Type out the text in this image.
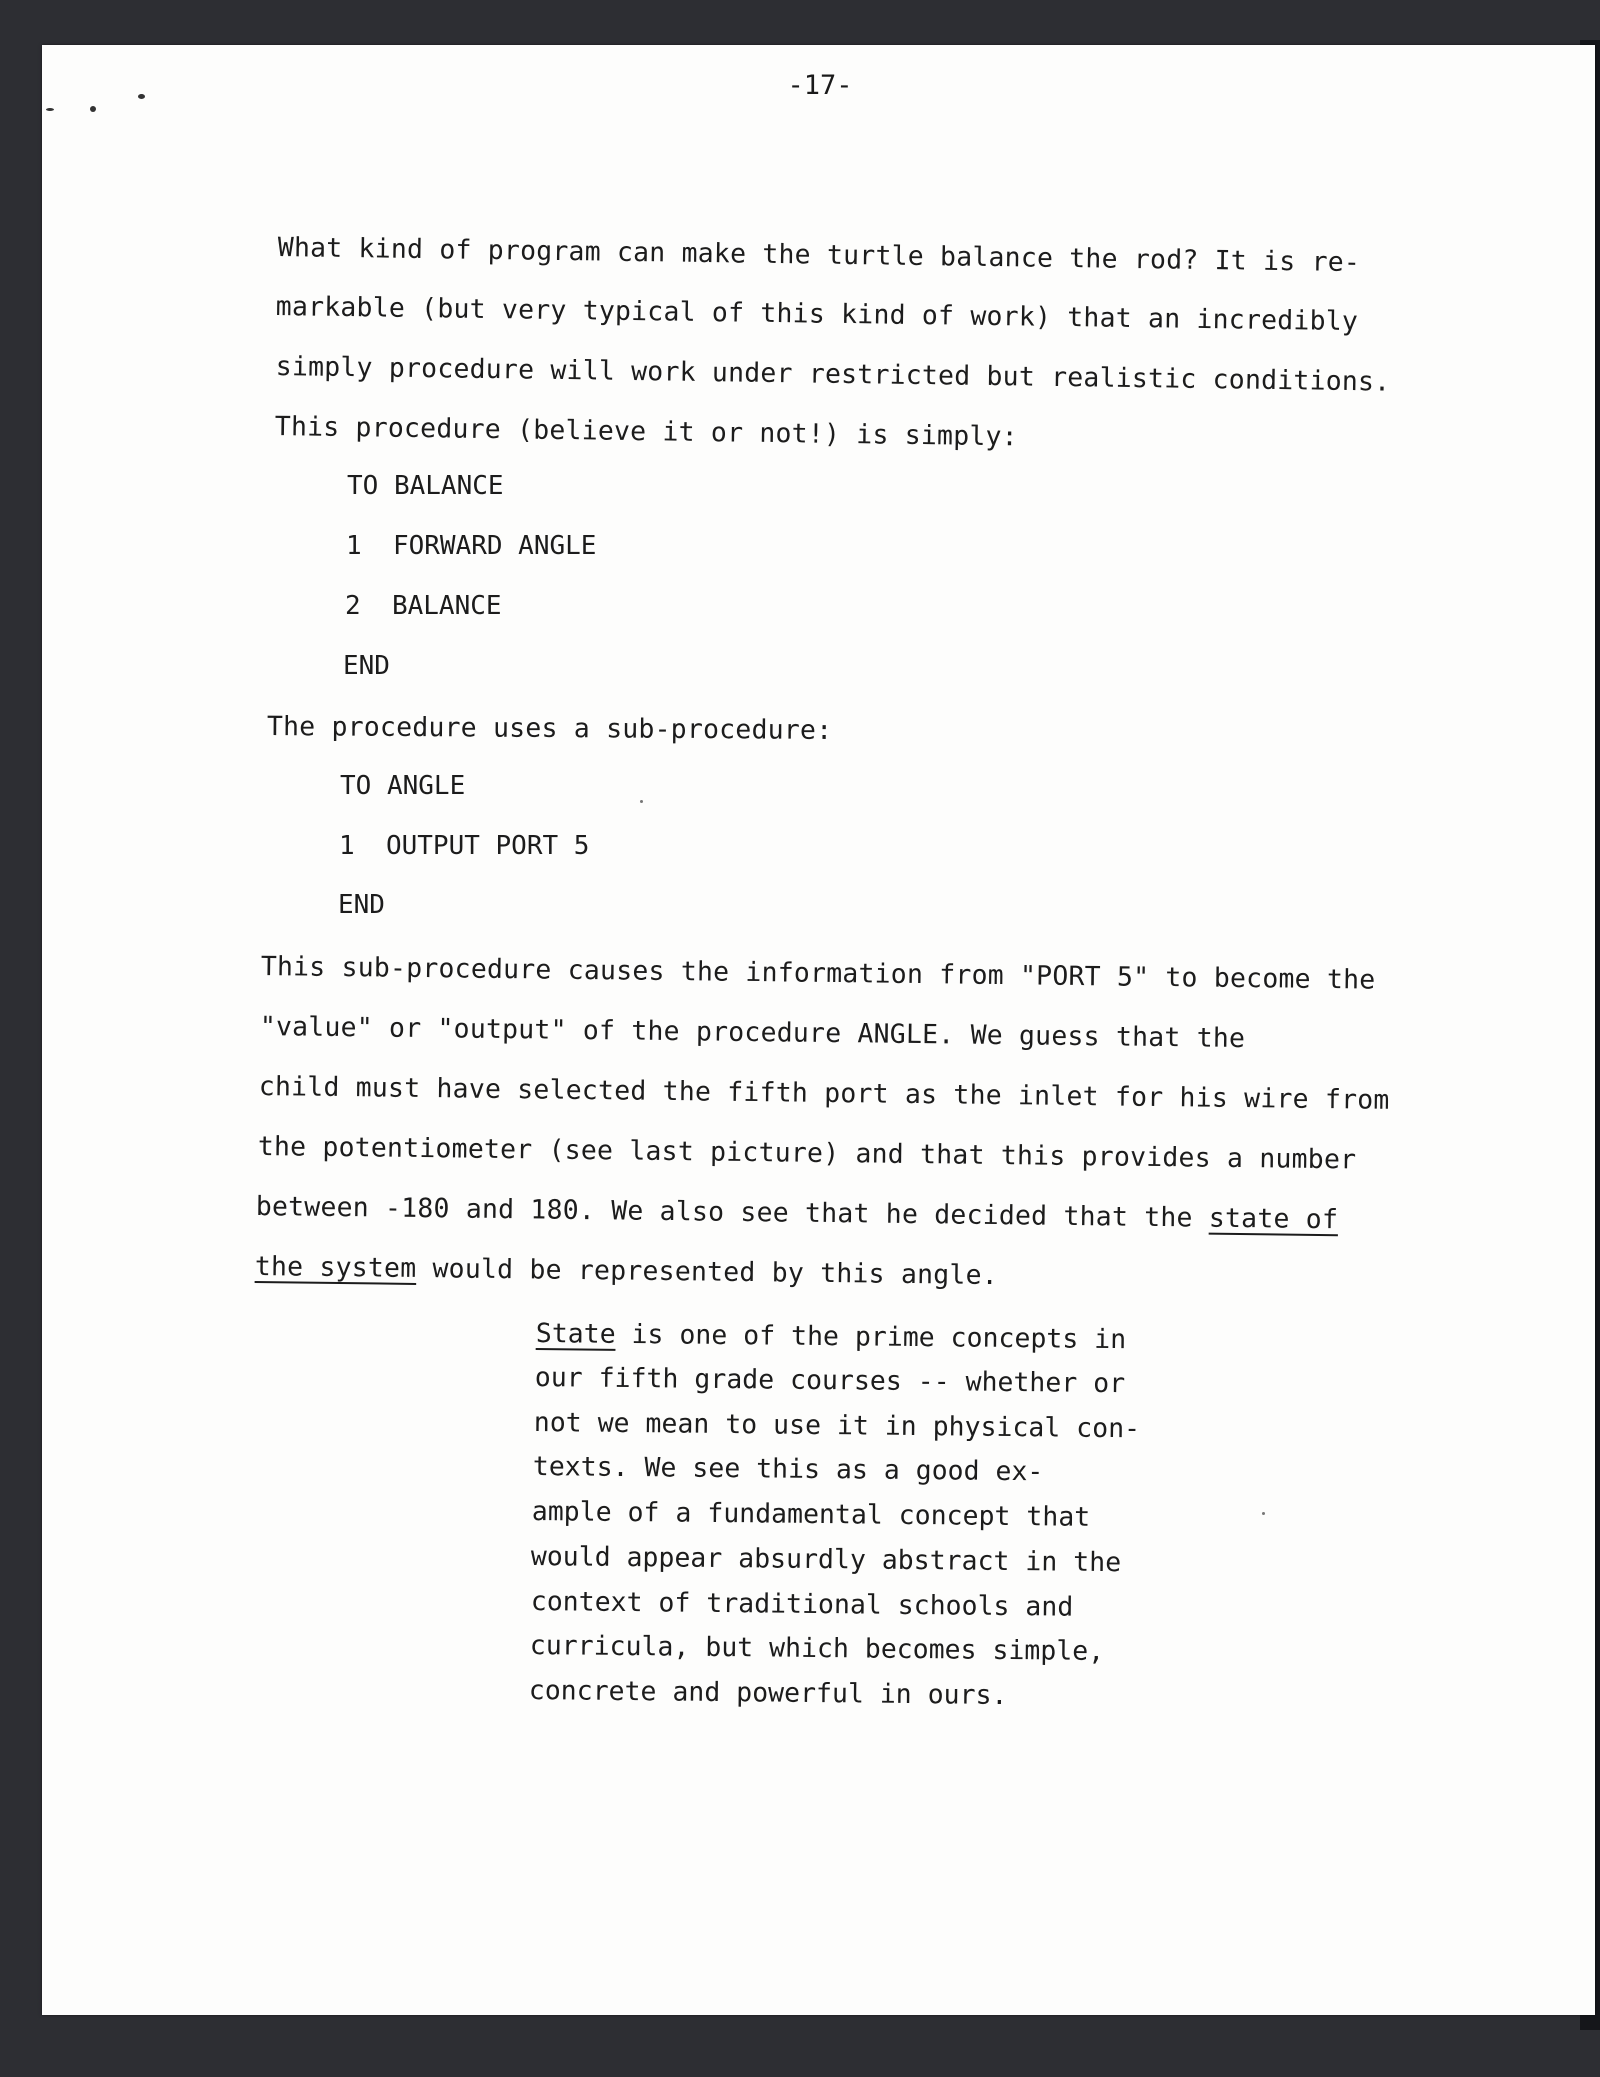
-17-
What kind of program can make the turtle balance the rod? It is re-
markable (but very typical of this kind of work) that an incredibly
simply procedure will work under restricted but realistic conditions.
This procedure (believe it or not!) is simply:
TO BALANCE
1  FORWARD ANGLE
2  BALANCE
END
The procedure uses a sub-procedure:
TO ANGLE
1  OUTPUT PORT 5
END
This sub-procedure causes the information from "PORT 5" to become the
"value" or "output" of the procedure ANGLE. We guess that the
child must have selected the fifth port as the inlet for his wire from
the potentiometer (see last picture) and that this provides a number
between -180 and 180. We also see that he decided that the state of
the system would be represented by this angle.
State is one of the prime concepts in
our fifth grade courses -- whether or
not we mean to use it in physical con-
texts. We see this as a good ex-
ample of a fundamental concept that
would appear absurdly abstract in the
context of traditional schools and
curricula, but which becomes simple,
concrete and powerful in ours.
